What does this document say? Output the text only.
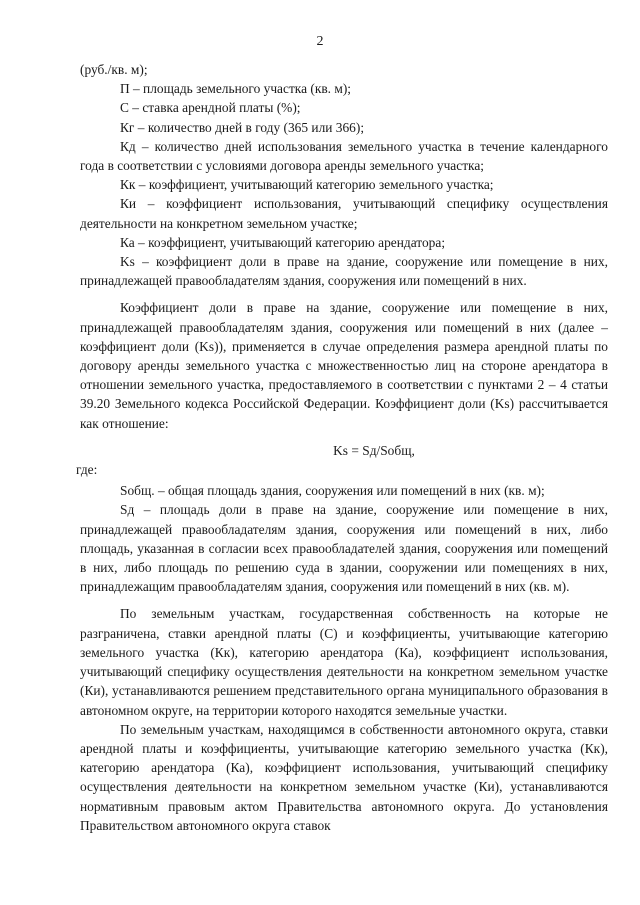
2

(руб./кв. м);

П – площадь земельного участка (кв. м);

С – ставка арендной платы (%);

Кг – количество дней в году (365 или 366);

Кд – количество дней использования земельного участка в течение календарного года в соответствии с условиями договора аренды земельного участка;

Кк – коэффициент, учитывающий категорию земельного участка;

Ки – коэффициент использования, учитывающий специфику осуществления деятельности на конкретном земельном участке;

Ка – коэффициент, учитывающий категорию арендатора;

Ks – коэффициент доли в праве на здание, сооружение или помещение в них, принадлежащей правообладателям здания, сооружения или помещений в них.

Коэффициент доли в праве на здание, сооружение или помещение в них, принадлежащей правообладателям здания, сооружения или помещений в них (далее – коэффициент доли (Ks)), применяется в случае определения размера арендной платы по договору аренды земельного участка с множественностью лиц на стороне арендатора в отношении земельного участка, предоставляемого в соответствии с пунктами 2 – 4 статьи 39.20 Земельного кодекса Российской Федерации. Коэффициент доли (Ks) рассчитывается как отношение:

Ks = Sд/Sобщ,

где:

Sобщ. – общая площадь здания, сооружения или помещений в них (кв. м);

Sд – площадь доли в праве на здание, сооружение или помещение в них, принадлежащей правообладателям здания, сооружения или помещений в них, либо площадь, указанная в согласии всех правообладателей здания, сооружения или помещений в них, либо площадь по решению суда в здании, сооружении или помещениях в них, принадлежащим правообладателям здания, сооружения или помещений в них (кв. м).

По земельным участкам, государственная собственность на которые не разграничена, ставки арендной платы (С) и коэффициенты, учитывающие категорию земельного участка (Кк), категорию арендатора (Ка), коэффициент использования, учитывающий специфику осуществления деятельности на конкретном земельном участке (Ки), устанавливаются решением представительного органа муниципального образования в автономном округе, на территории которого находятся земельные участки.

По земельным участкам, находящимся в собственности автономного округа, ставки арендной платы и коэффициенты, учитывающие категорию земельного участка (Кк), категорию арендатора (Ка), коэффициент использования, учитывающий специфику осуществления деятельности на конкретном земельном участке (Ки), устанавливаются нормативным правовым актом Правительства автономного округа. До установления Правительством автономного округа ставок
